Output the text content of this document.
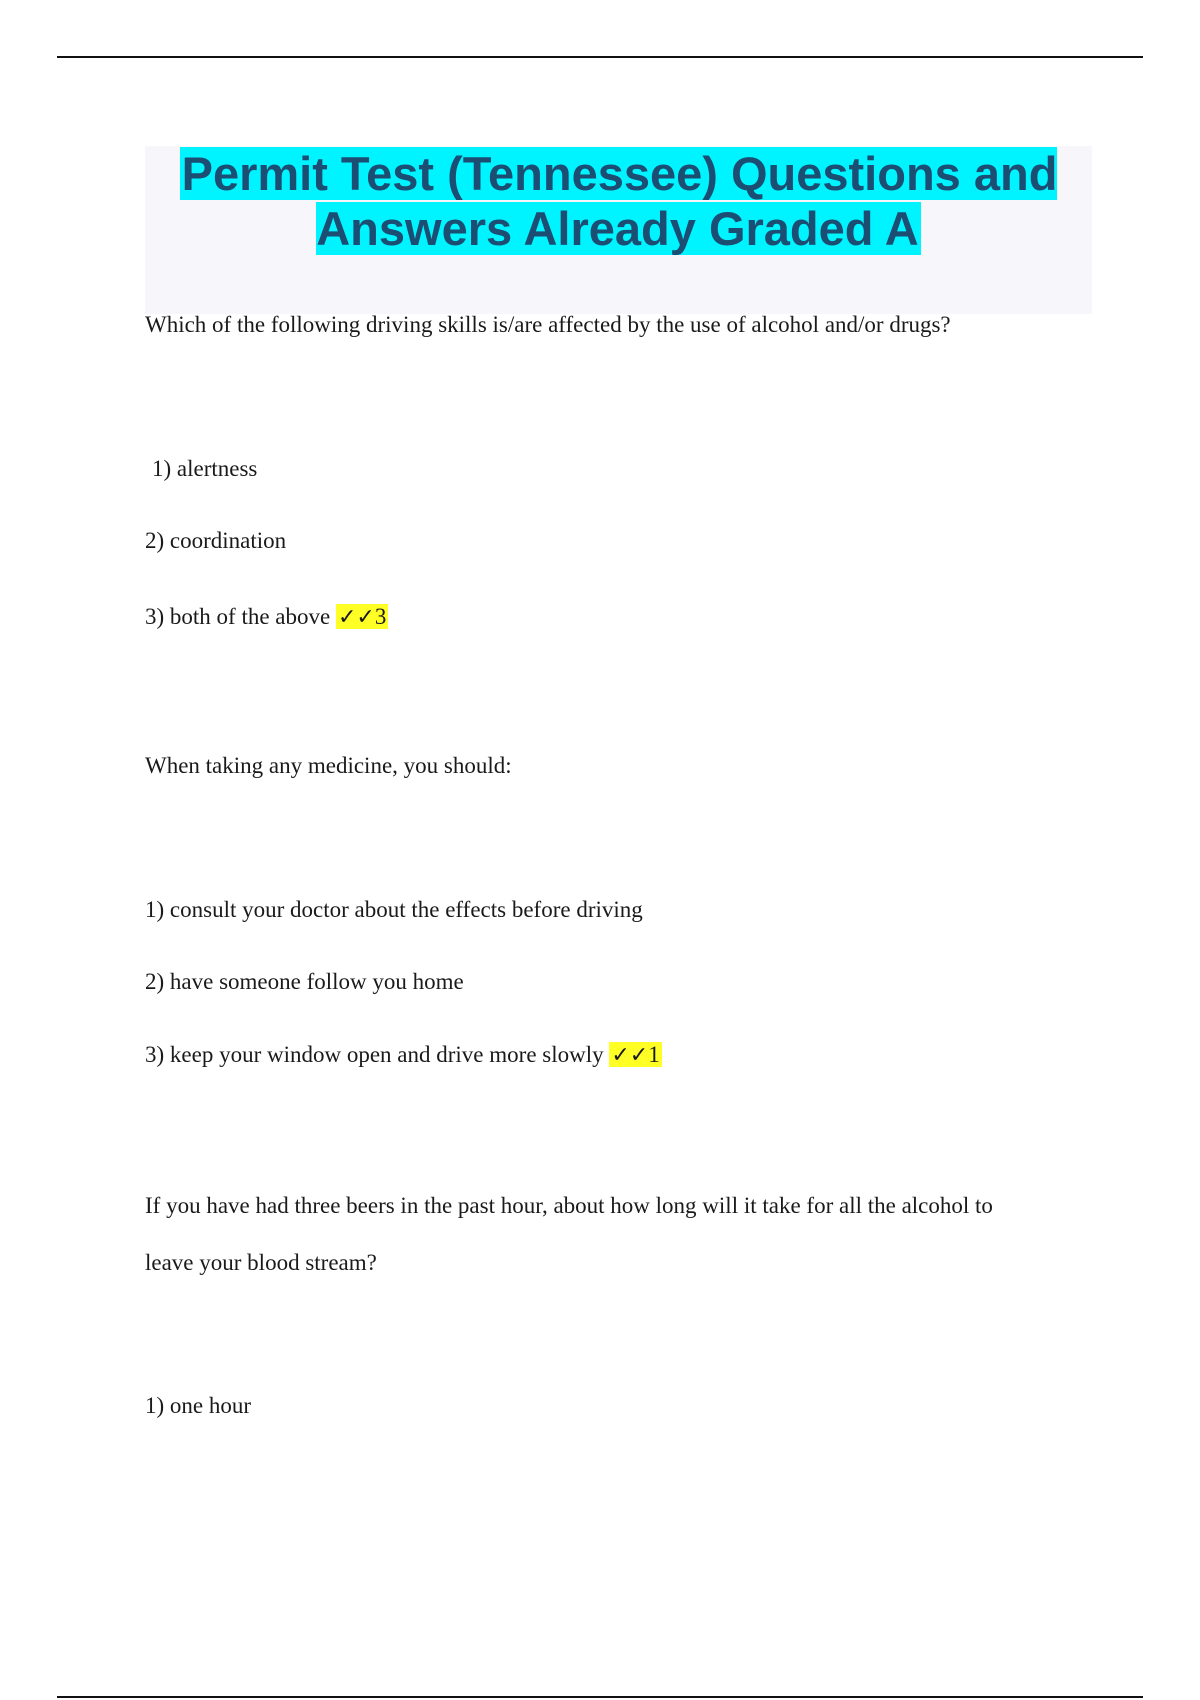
Permit Test (Tennessee) Questions and Answers Already Graded A

Which of the following driving skills is/are affected by the use of alcohol and/or drugs?

1) alertness

2) coordination

3) both of the above ✓✓3

When taking any medicine, you should:

1) consult your doctor about the effects before driving

2) have someone follow you home

3) keep your window open and drive more slowly ✓✓1

If you have had three beers in the past hour, about how long will it take for all the alcohol to

leave your blood stream?

1) one hour
